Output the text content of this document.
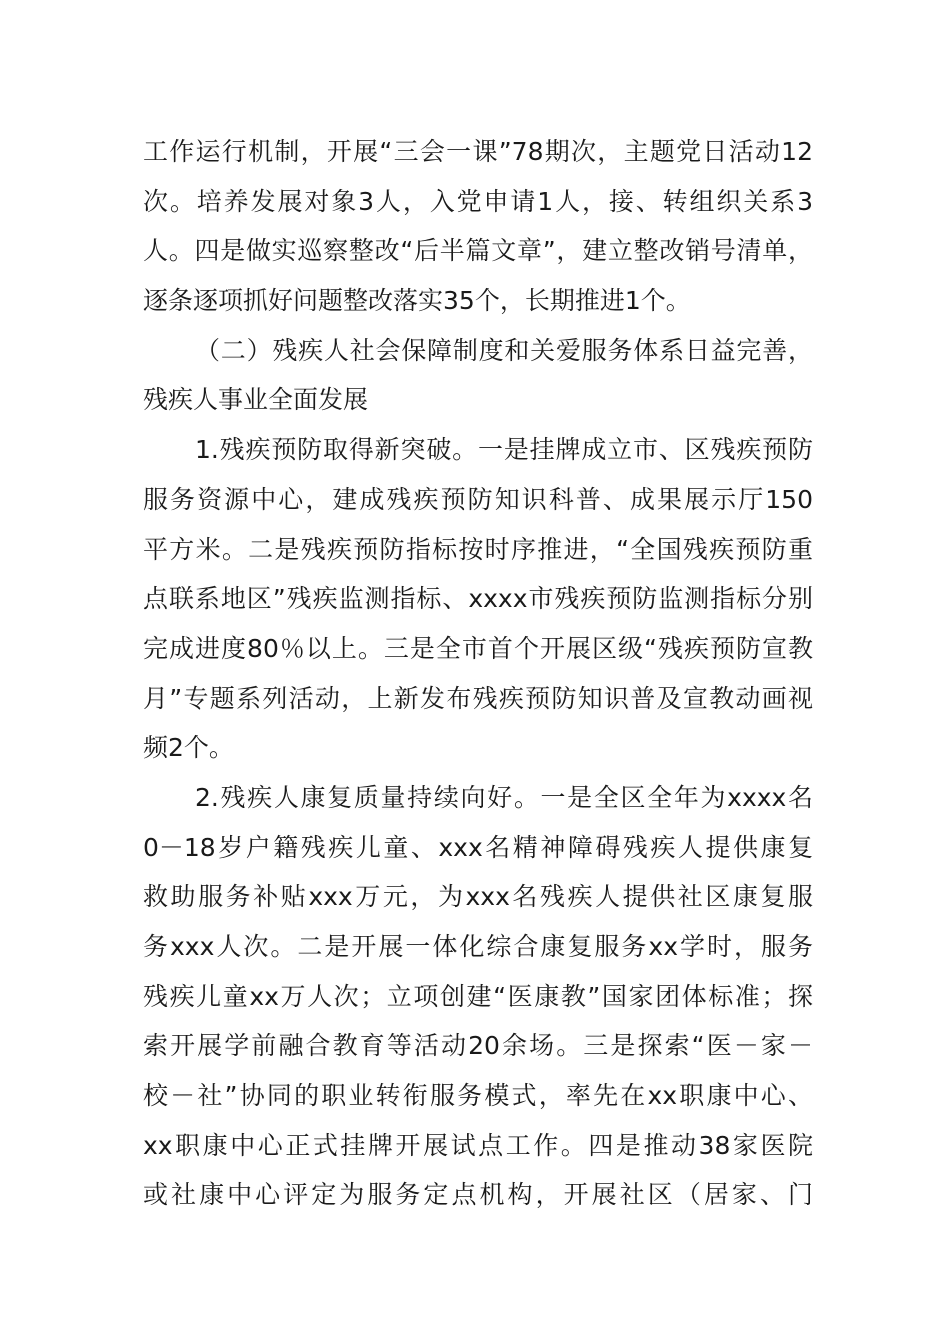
工作运行机制，开展“三会一课”78期次，主题党日活动12
次。培养发展对象3人，入党申请1人，接、转组织关系3
人。四是做实巡察整改“后半篇文章”，建立整改销号清单，
逐条逐项抓好问题整改落实35个，长期推进1个。
（二）残疾人社会保障制度和关爱服务体系日益完善，
残疾人事业全面发展
1.残疾预防取得新突破。一是挂牌成立市、区残疾预防
服务资源中心，建成残疾预防知识科普、成果展示厅150
平方米。二是残疾预防指标按时序推进，“全国残疾预防重
点联系地区”残疾监测指标、xxxx市残疾预防监测指标分别
完成进度80％以上。三是全市首个开展区级“残疾预防宣教
月”专题系列活动，上新发布残疾预防知识普及宣教动画视
频2个。
2.残疾人康复质量持续向好。一是全区全年为xxxx名
0－18岁户籍残疾儿童、xxx名精神障碍残疾人提供康复
救助服务补贴xxx万元，为xxx名残疾人提供社区康复服
务xxx人次。二是开展一体化综合康复服务xx学时，服务
残疾儿童xx万人次；立项创建“医康教”国家团体标准；探
索开展学前融合教育等活动20余场。三是探索“医－家－
校－社”协同的职业转衔服务模式，率先在xx职康中心、
xx职康中心正式挂牌开展试点工作。四是推动38家医院
或社康中心评定为服务定点机构，开展社区（居家、门
